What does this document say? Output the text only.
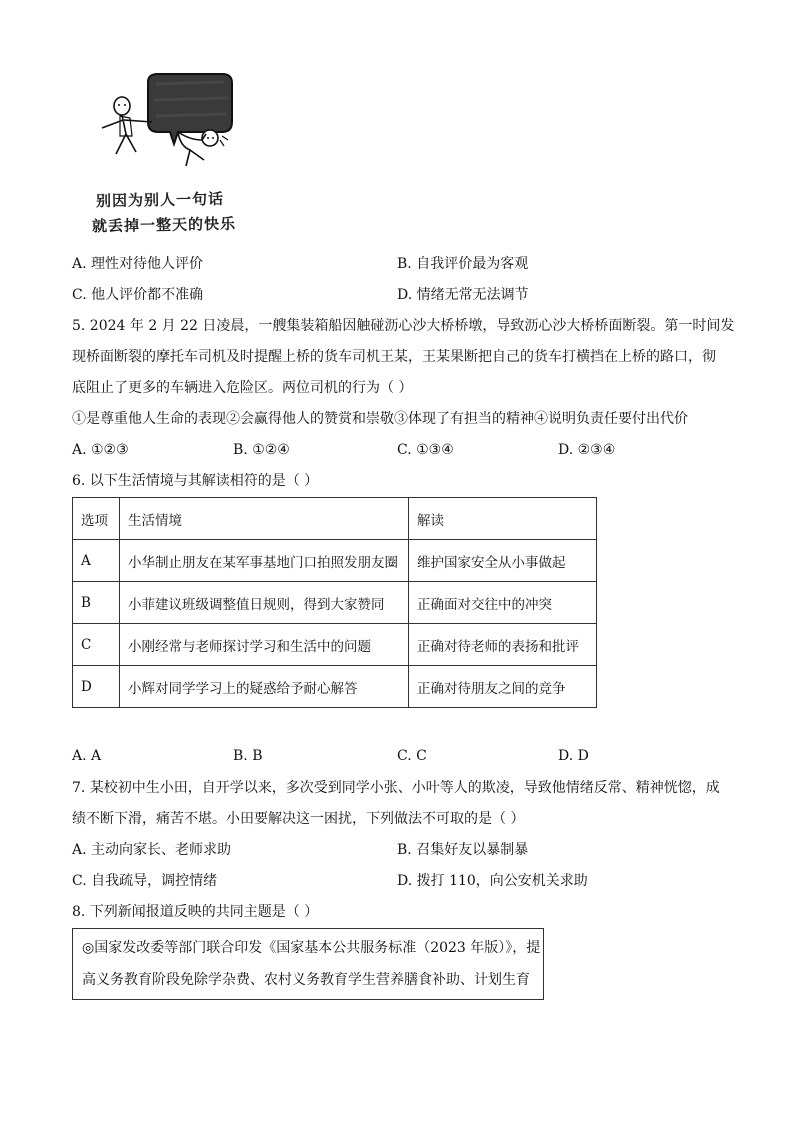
别因为别人一句话
就丢掉一整天的快乐
A. 理性对待他人评价	B. 自我评价最为客观
C. 他人评价都不准确	D. 情绪无常无法调节
5. 2024 年 2 月 22 日凌晨，一艘集装箱船因触碰沥心沙大桥桥墩，导致沥心沙大桥桥面断裂。第一时间发
现桥面断裂的摩托车司机及时提醒上桥的货车司机王某，王某果断把自己的货车打横挡在上桥的路口，彻
底阻止了更多的车辆进入危险区。两位司机的行为（ ）
①是尊重他人生命的表现②会赢得他人的赞赏和崇敬③体现了有担当的精神④说明负责任要付出代价
A. ①②③	B. ①②④	C. ①③④	D. ②③④
6. 以下生活情境与其解读相符的是（ ）
选项	生活情境	解读
A	小华制止朋友在某军事基地门口拍照发朋友圈	维护国家安全从小事做起
B	小菲建议班级调整值日规则，得到大家赞同	正确面对交往中的冲突
C	小刚经常与老师探讨学习和生活中的问题	正确对待老师的表扬和批评
D	小辉对同学学习上的疑惑给予耐心解答	正确对待朋友之间的竞争
A. A	B. B	C. C	D. D
7. 某校初中生小田，自开学以来，多次受到同学小张、小叶等人的欺凌，导致他情绪反常、精神恍惚，成
绩不断下滑，痛苦不堪。小田要解决这一困扰，下列做法不可取的是（ ）
A. 主动向家长、老师求助	B. 召集好友以暴制暴
C. 自我疏导，调控情绪	D. 拨打 110，向公安机关求助
8. 下列新闻报道反映的共同主题是（ ）
◎国家发改委等部门联合印发《国家基本公共服务标准（2023 年版）》，提
高义务教育阶段免除学杂费、农村义务教育学生营养膳食补助、计划生育
